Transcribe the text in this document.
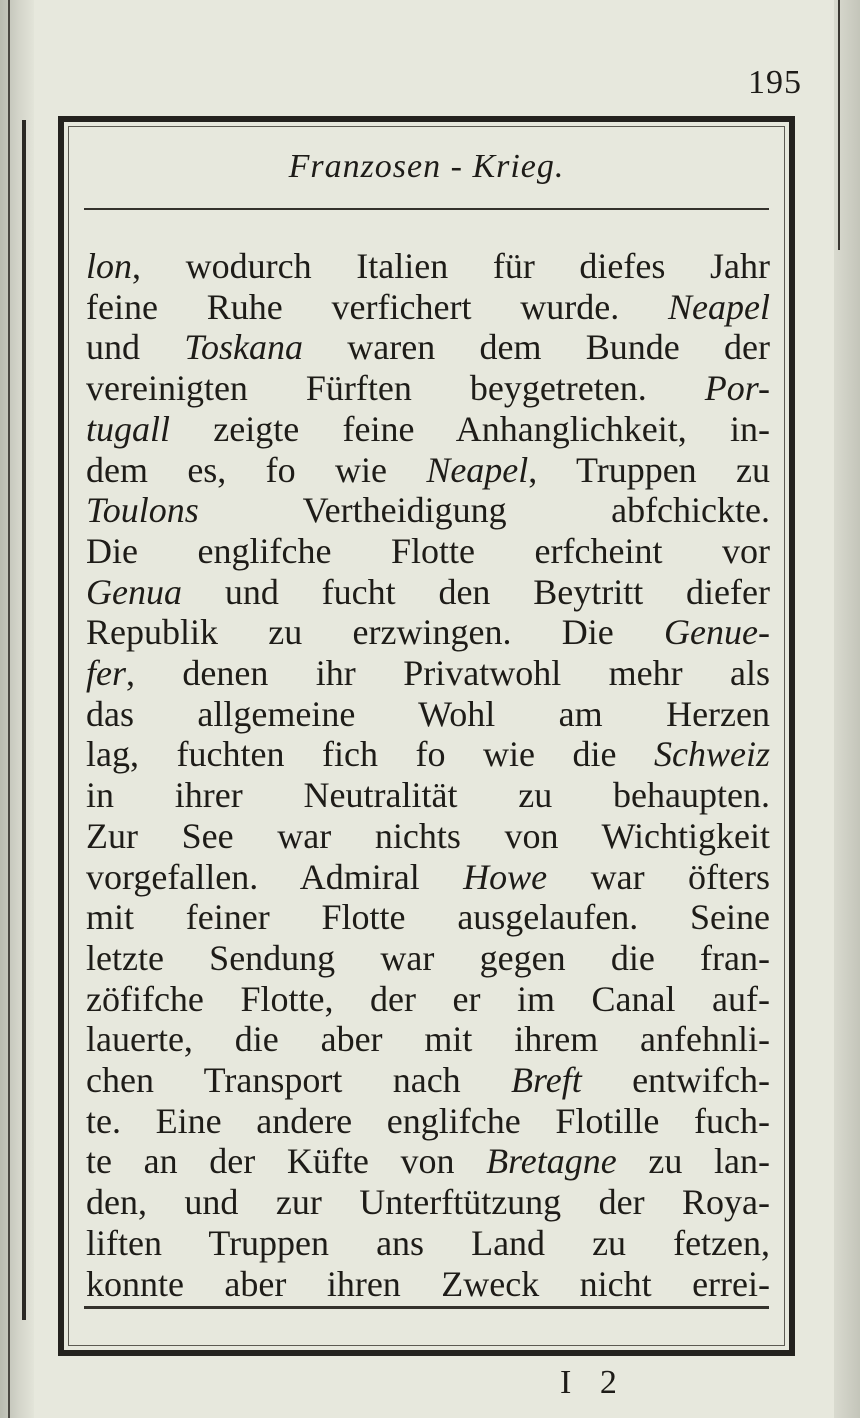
195
Franzosen - Krieg.
lon, wodurch Italien für diefes Jahr
feine Ruhe verfichert wurde. Neapel
und Toskana waren dem Bunde der
vereinigten Fürften beygetreten. Por-
tugall zeigte feine Anhanglichkeit, in-
dem es, fo wie Neapel, Truppen zu
Toulons Vertheidigung abfchickte.
Die englifche Flotte erfcheint vor
Genua und fucht den Beytritt diefer
Republik zu erzwingen. Die Genue-
fer, denen ihr Privatwohl mehr als
das allgemeine Wohl am Herzen
lag, fuchten fich fo wie die Schweiz
in ihrer Neutralität zu behaupten.
Zur See war nichts von Wichtigkeit
vorgefallen. Admiral Howe war öfters
mit feiner Flotte ausgelaufen. Seine
letzte Sendung war gegen die fran-
zöfifche Flotte, der er im Canal auf-
lauerte, die aber mit ihrem anfehnli-
chen Transport nach Breft entwifch-
te. Eine andere englifche Flotille fuch-
te an der Küfte von Bretagne zu lan-
den, und zur Unterftützung der Roya-
liften Truppen ans Land zu fetzen,
konnte aber ihren Zweck nicht errei-
I 2
